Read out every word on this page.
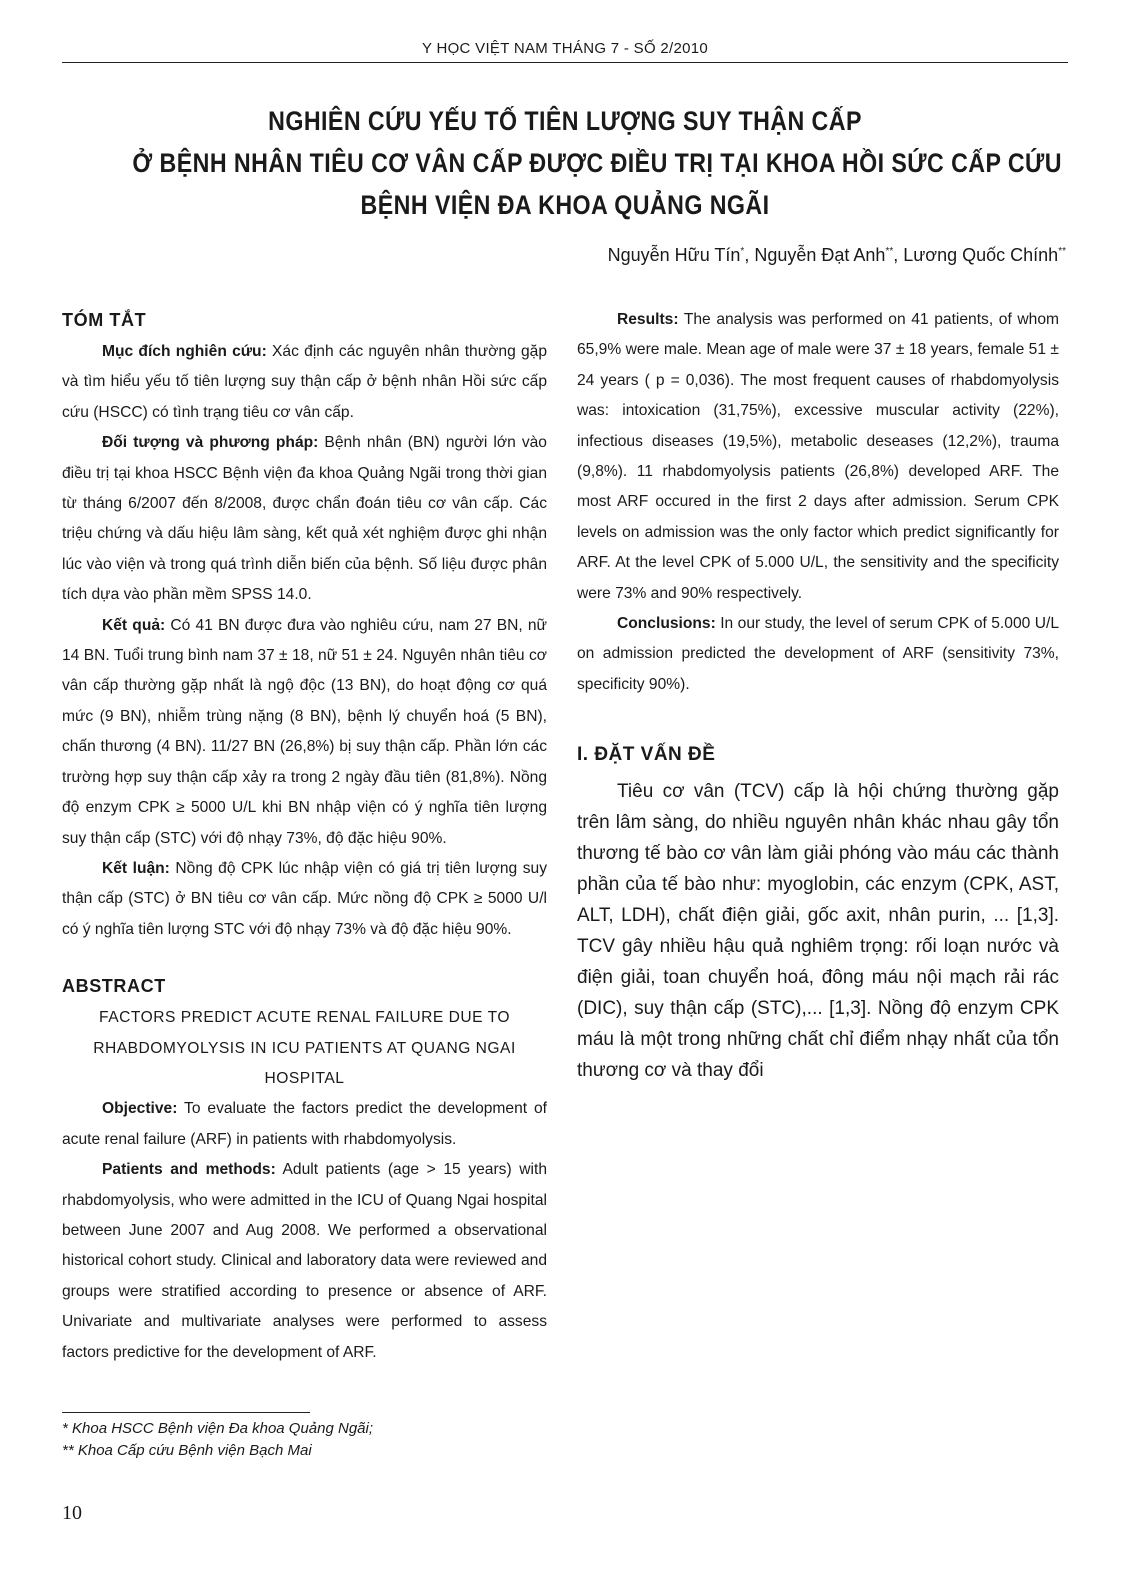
Y HỌC VIỆT NAM THÁNG 7 - SỐ 2/2010
NGHIÊN CỨU YẾU TỐ TIÊN LƯỢNG SUY THẬN CẤP
Ở BỆNH NHÂN TIÊU CƠ VÂN CẤP ĐƯỢC ĐIỀU TRỊ TẠI KHOA HỒI SỨC CẤP CỨU
BỆNH VIỆN ĐA KHOA QUẢNG NGÃI
Nguyễn Hữu Tín*, Nguyễn Đạt Anh**, Lương Quốc Chính**
TÓM TẮT

Mục đích nghiên cứu: Xác định các nguyên nhân thường gặp và tìm hiểu yếu tố tiên lượng suy thận cấp ở bệnh nhân Hồi sức cấp cứu (HSCC) có tình trạng tiêu cơ vân cấp.

Đối tượng và phương pháp: Bệnh nhân (BN) người lớn vào điều trị tại khoa HSCC Bệnh viện đa khoa Quảng Ngãi trong thời gian từ tháng 6/2007 đến 8/2008, được chẩn đoán tiêu cơ vân cấp. Các triệu chứng và dấu hiệu lâm sàng, kết quả xét nghiệm được ghi nhận lúc vào viện và trong quá trình diễn biến của bệnh. Số liệu được phân tích dựa vào phần mềm SPSS 14.0.

Kết quả: Có 41 BN được đưa vào nghiêu cứu, nam 27 BN, nữ 14 BN. Tuổi trung bình nam 37 ± 18, nữ 51 ± 24. Nguyên nhân tiêu cơ vân cấp thường gặp nhất là ngộ độc (13 BN), do hoạt động cơ quá mức (9 BN), nhiễm trùng nặng (8 BN), bệnh lý chuyển hoá (5 BN), chấn thương (4 BN). 11/27 BN (26,8%) bị suy thận cấp. Phần lớn các trường hợp suy thận cấp xảy ra trong 2 ngày đầu tiên (81,8%). Nồng độ enzym CPK ≥ 5000 U/L khi BN nhập viện có ý nghĩa tiên lượng suy thận cấp (STC) với độ nhạy 73%, độ đặc hiệu 90%.

Kết luận: Nồng độ CPK lúc nhập viện có giá trị tiên lượng suy thận cấp (STC) ở BN tiêu cơ vân cấp. Mức nồng độ CPK ≥ 5000 U/l có ý nghĩa tiên lượng STC với độ nhạy 73% và độ đặc hiệu 90%.

ABSTRACT

FACTORS PREDICT ACUTE RENAL FAILURE DUE TO RHABDOMYOLYSIS IN ICU PATIENTS AT QUANG NGAI HOSPITAL

Objective: To evaluate the factors predict the development of acute renal failure (ARF) in patients with rhabdomyolysis.

Patients and methods: Adult patients (age > 15 years) with rhabdomyolysis, who were admitted in the ICU of Quang Ngai hospital between June 2007 and Aug 2008. We performed a observational historical cohort study. Clinical and laboratory data were reviewed and groups were stratified according to presence or absence of ARF. Univariate and multivariate analyses were performed to assess factors predictive for the development of ARF.

Results: The analysis was performed on 41 patients, of whom 65,9% were male. Mean age of male were 37 ± 18 years, female 51 ± 24 years ( p = 0,036). The most frequent causes of rhabdomyolysis was: intoxication (31,75%), excessive muscular activity (22%), infectious diseases (19,5%), metabolic deseases (12,2%), trauma (9,8%). 11 rhabdomyolysis patients (26,8%) developed ARF. The most ARF occured in the first 2 days after admission. Serum CPK levels on admission was the only factor which predict significantly for ARF. At the level CPK of 5.000 U/L, the sensitivity and the specificity were 73% and 90% respectively.

Conclusions: In our study, the level of serum CPK of 5.000 U/L on admission predicted the development of ARF (sensitivity 73%, specificity 90%).

I. ĐẶT VẤN ĐỀ

Tiêu cơ vân (TCV) cấp là hội chứng thường gặp trên lâm sàng, do nhiều nguyên nhân khác nhau gây tổn thương tế bào cơ vân làm giải phóng vào máu các thành phần của tế bào như: myoglobin, các enzym (CPK, AST, ALT, LDH), chất điện giải, gốc axit, nhân purin, ... [1,3]. TCV gây nhiều hậu quả nghiêm trọng: rối loạn nước và điện giải, toan chuyển hoá, đông máu nội mạch rải rác (DIC), suy thận cấp (STC),... [1,3]. Nồng độ enzym CPK máu là một trong những chất chỉ điểm nhạy nhất của tổn thương cơ và thay đổi

* Khoa HSCC Bệnh viện Đa khoa Quảng Ngãi;
** Khoa Cấp cứu Bệnh viện Bạch Mai
10
